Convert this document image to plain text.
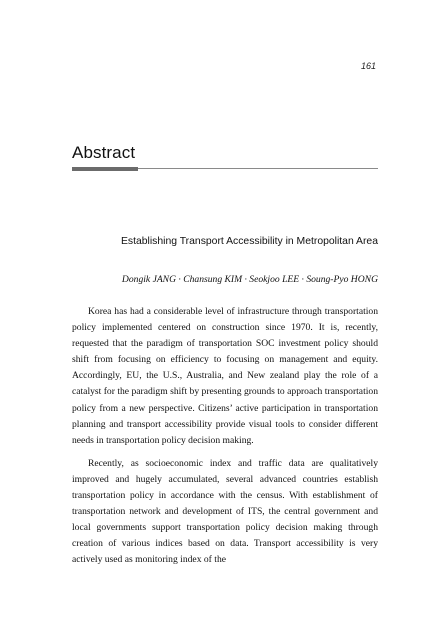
161
Abstract
Establishing Transport Accessibility in Metropolitan Area
Dongik JANG · Chansung KIM · Seokjoo LEE · Soung-Pyo HONG

Korea has had a considerable level of infrastructure through transportation policy implemented centered on construction since 1970. It is, recently, requested that the paradigm of transportation SOC investment policy should shift from focusing on efficiency to focusing on management and equity. Accordingly, EU, the U.S., Australia, and New zealand play the role of a catalyst for the paradigm shift by presenting grounds to approach transportation policy from a new perspective. Citizens’ active participation in transportation planning and transport accessibility provide visual tools to consider different needs in transportation policy decision making.

Recently, as socioeconomic index and traffic data are qualitatively improved and hugely accumulated, several advanced countries establish transportation policy in accordance with the census. With establishment of transportation network and development of ITS, the central government and local governments support transportation policy decision making through creation of various indices based on data. Transport accessibility is very actively used as monitoring index of the
